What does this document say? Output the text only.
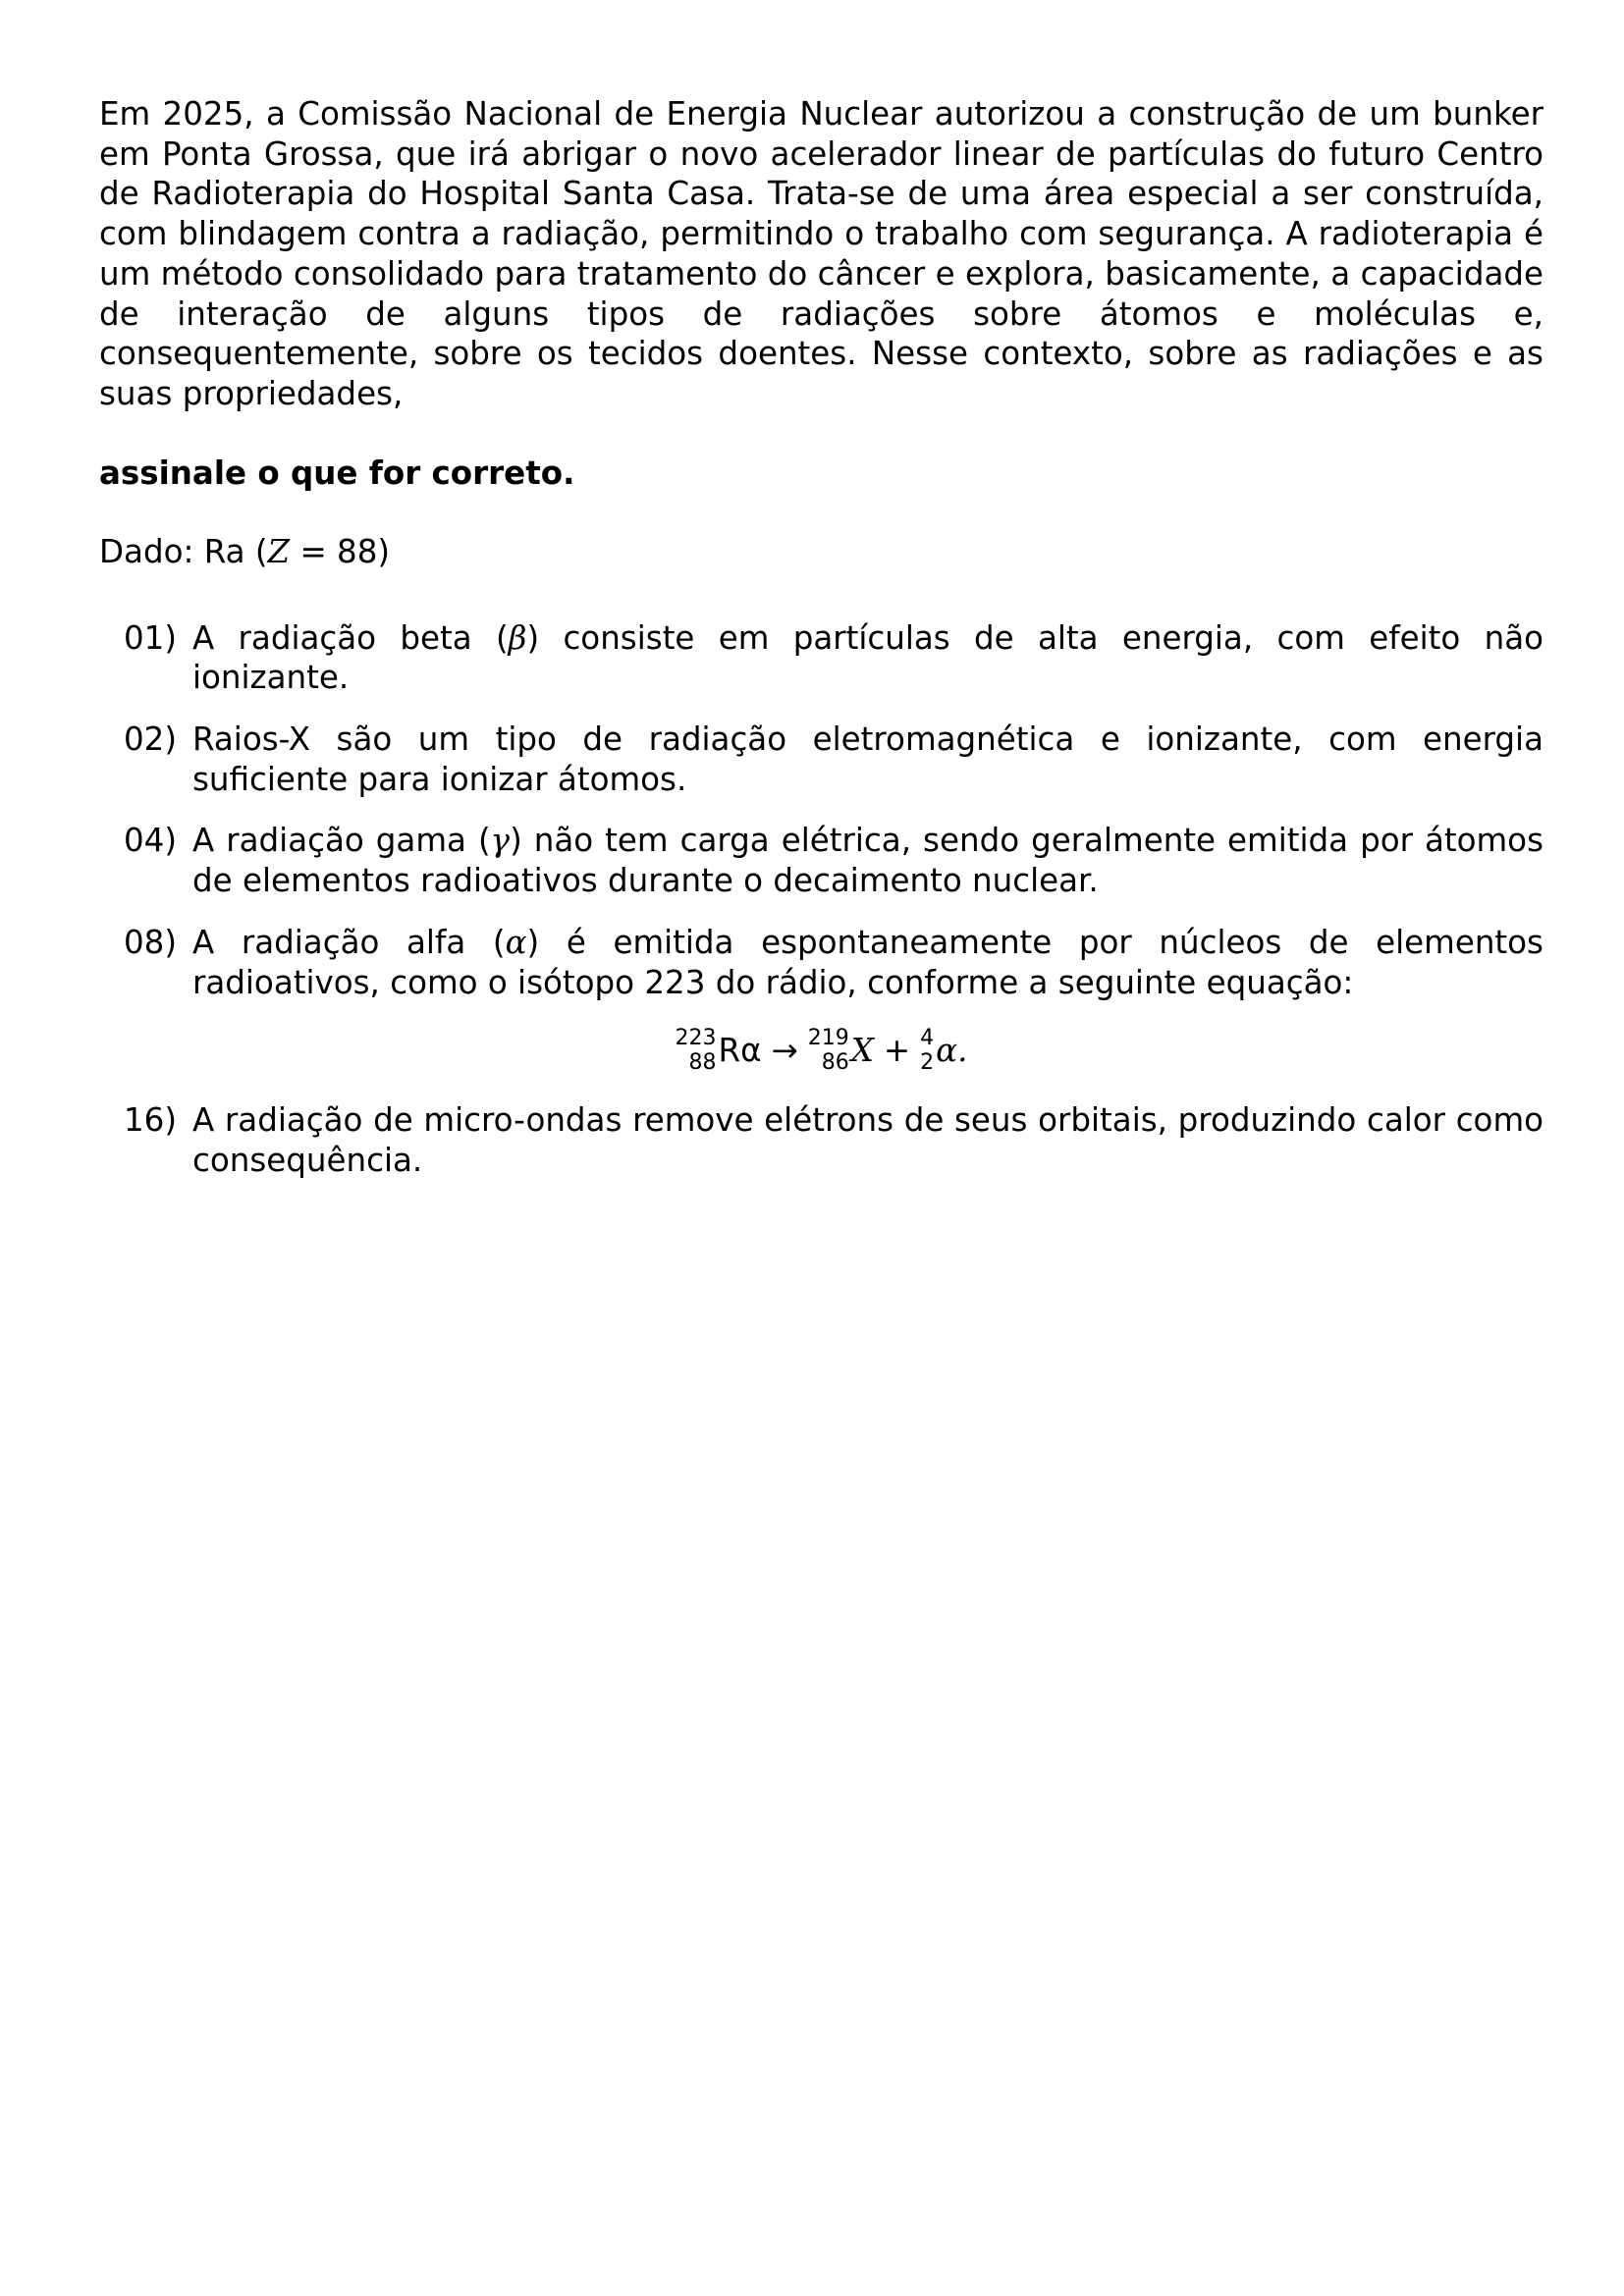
Em 2025, a Comissão Nacional de Energia Nuclear autorizou a construção de um bunker em Ponta Grossa, que irá abrigar o novo acelerador linear de partículas do futuro Centro de Radioterapia do Hospital Santa Casa. Trata-se de uma área especial a ser construída, com blindagem contra a radiação, permitindo o trabalho com segurança. A radioterapia é um método consolidado para tratamento do câncer e explora, basicamente, a capacidade de interação de alguns tipos de radiações sobre átomos e moléculas e, consequentemente, sobre os tecidos doentes. Nesse contexto, sobre as radiações e as suas propriedades,

assinale o que for correto.

Dado: Ra (Z = 88)

01) A radiação beta (β) consiste em partículas de alta energia, com efeito não ionizante.
02) Raios-X são um tipo de radiação eletromagnética e ionizante, com energia suficiente para ionizar átomos.
04) A radiação gama (γ) não tem carga elétrica, sendo geralmente emitida por átomos de elementos radioativos durante o decaimento nuclear.
08) A radiação alfa (α) é emitida espontaneamente por núcleos de elementos radioativos, como o isótopo 223 do rádio, conforme a seguinte equação:
223
88 Rα → 219
86 X + 4
2 α .
16) A radiação de micro-ondas remove elétrons de seus orbitais, produzindo calor como consequência.
